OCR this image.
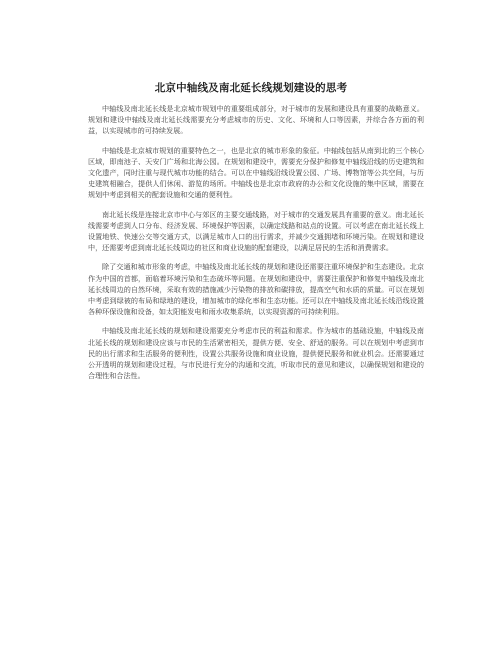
北京中轴线及南北延长线规划建设的思考

中轴线及南北延长线是北京城市规划中的重要组成部分，对于城市的发展和建设具有重要的战略意义。规划和建设中轴线及南北延长线需要充分考虑城市的历史、文化、环境和人口等因素，并综合各方面的利益，以实现城市的可持续发展。

中轴线是北京城市规划的重要特色之一，也是北京的城市形象的象征。中轴线包括从南到北的三个核心区域，即南池子、天安门广场和北海公园。在规划和建设中，需要充分保护和修复中轴线沿线的历史建筑和文化遗产，同时注重与现代城市功能的结合。可以在中轴线沿线设置公园、广场、博物馆等公共空间，与历史建筑相融合，提供人们休闲、游览的场所。中轴线也是北京市政府的办公和文化设施的集中区域，需要在规划中考虑到相关的配套设施和交通的便利性。

南北延长线是连接北京市中心与郊区的主要交通线路，对于城市的交通发展具有重要的意义。南北延长线需要考虑到人口分布、经济发展、环境保护等因素，以确定线路和站点的设置。可以考虑在南北延长线上设置地铁、快速公交等交通方式，以满足城市人口的出行需求，并减少交通拥堵和环境污染。在规划和建设中，还需要考虑到南北延长线周边的社区和商业设施的配套建设，以满足居民的生活和消费需求。

除了交通和城市形象的考虑，中轴线及南北延长线的规划和建设还需要注重环境保护和生态建设。北京作为中国的首都，面临着环境污染和生态破坏等问题。在规划和建设中，需要注重保护和修复中轴线及南北延长线周边的自然环境，采取有效的措施减少污染物的排放和碳排放，提高空气和水质的质量。可以在规划中考虑到绿被的布局和绿地的建设，增加城市的绿化率和生态功能。还可以在中轴线及南北延长线沿线设置各种环保设施和设备，如太阳能发电和雨水收集系统，以实现资源的可持续利用。

中轴线及南北延长线的规划和建设需要充分考虑市民的利益和需求。作为城市的基础设施，中轴线及南北延长线的规划和建设应该与市民的生活紧密相关，提供方便、安全、舒适的服务。可以在规划中考虑到市民的出行需求和生活服务的便利性，设置公共服务设施和商业设施，提供便民服务和就业机会。还需要通过公开透明的规划和建设过程，与市民进行充分的沟通和交流，听取市民的意见和建议，以确保规划和建设的合理性和合法性。
